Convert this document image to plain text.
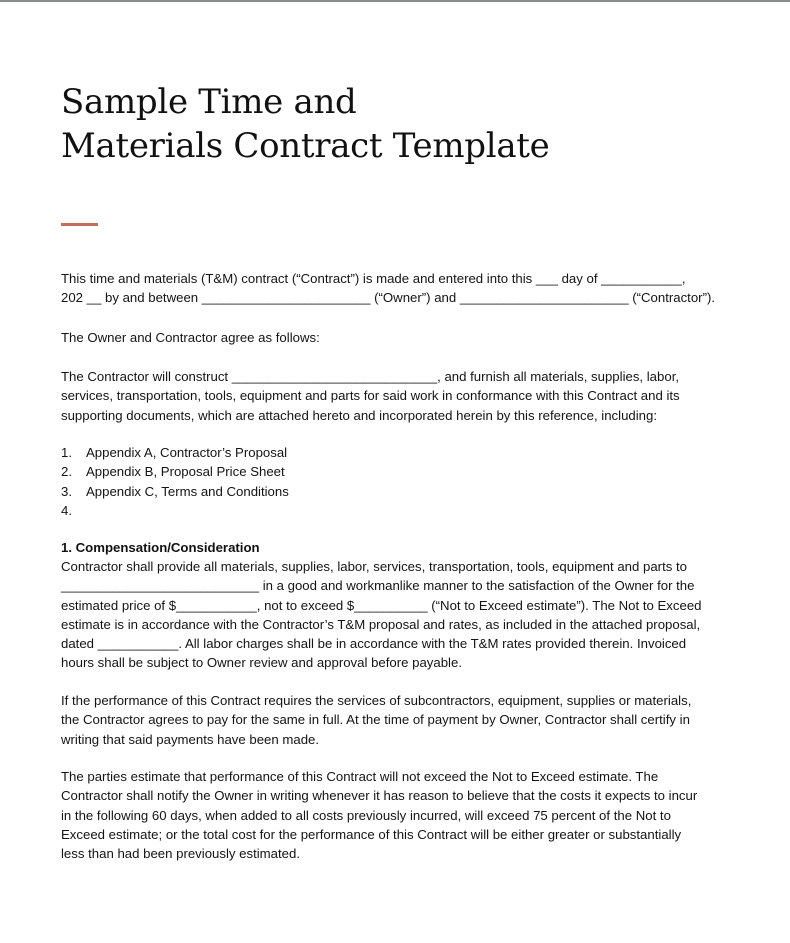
Sample Time and
Materials Contract Template

This time and materials (T&M) contract (“Contract”) is made and entered into this ___ day of ___________,
202 __ by and between _______________________ (“Owner”) and _______________________ (“Contractor”).

The Owner and Contractor agree as follows:

The Contractor will construct ____________________________, and furnish all materials, supplies, labor,
services, transportation, tools, equipment and parts for said work in conformance with this Contract and its
supporting documents, which are attached hereto and incorporated herein by this reference, including:

1.	Appendix A, Contractor’s Proposal
2.	Appendix B, Proposal Price Sheet
3.	Appendix C, Terms and Conditions
4.
1. Compensation/Consideration

Contractor shall provide all materials, supplies, labor, services, transportation, tools, equipment and parts to
___________________________ in a good and workmanlike manner to the satisfaction of the Owner for the
estimated price of $___________, not to exceed $__________ (“Not to Exceed estimate”). The Not to Exceed
estimate is in accordance with the Contractor’s T&M proposal and rates, as included in the attached proposal,
dated ___________. All labor charges shall be in accordance with the T&M rates provided therein. Invoiced
hours shall be subject to Owner review and approval before payable.

If the performance of this Contract requires the services of subcontractors, equipment, supplies or materials,
the Contractor agrees to pay for the same in full. At the time of payment by Owner, Contractor shall certify in
writing that said payments have been made.

The parties estimate that performance of this Contract will not exceed the Not to Exceed estimate. The
Contractor shall notify the Owner in writing whenever it has reason to believe that the costs it expects to incur
in the following 60 days, when added to all costs previously incurred, will exceed 75 percent of the Not to
Exceed estimate; or the total cost for the performance of this Contract will be either greater or substantially
less than had been previously estimated.
